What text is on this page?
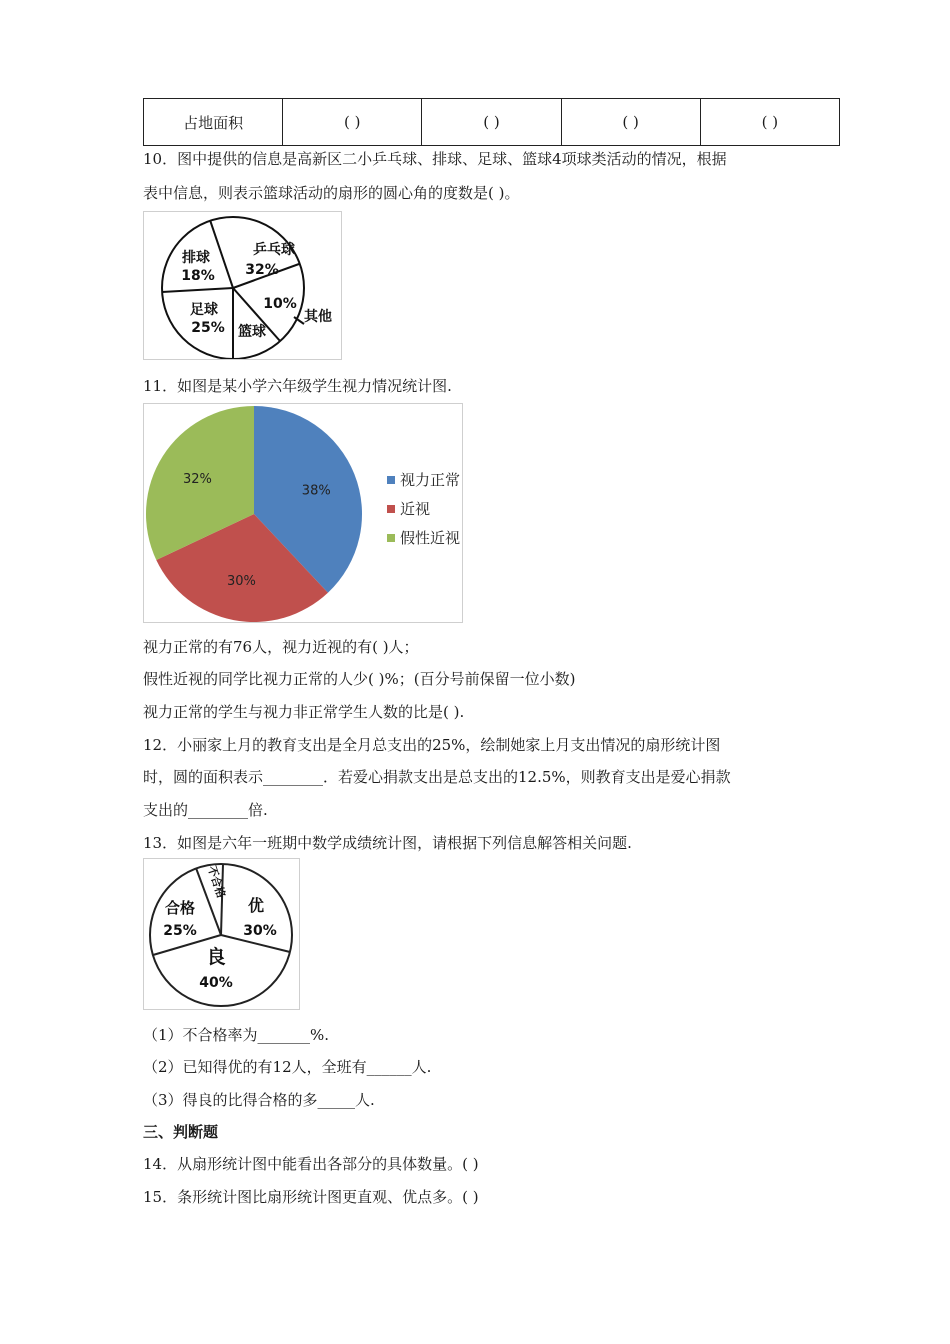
占地面积	( )	( )	( )	( )
10．图中提供的信息是高新区二小乒乓球、排球、足球、篮球4项球类活动的情况，根据
表中信息，则表示篮球活动的扇形的圆心角的度数是( )。
乒乓球
32%
排球
18%
足球
25% 篮球
10%
其他
11．如图是某小学六年级学生视力情况统计图.
38%
30%
32%	视力正常
近视
假性近视
视力正常的有76人，视力近视的有( )人；
假性近视的同学比视力正常的人少( )%；(百分号前保留一位小数)
视力正常的学生与视力非正常学生人数的比是( ).
12．小丽家上月的教育支出是全月总支出的25%，绘制她家上月支出情况的扇形统计图
时，圆的面积表示________．若爱心捐款支出是总支出的12.5%，则教育支出是爱心捐款
支出的________倍.
13．如图是六年一班期中数学成绩统计图，请根据下列信息解答相关问题.
不合格
合格
25%
优
30%
良
40%
（1）不合格率为_______%.
（2）已知得优的有12人，全班有______人.
（3）得良的比得合格的多_____人.
三、判断题
14．从扇形统计图中能看出各部分的具体数量。( )
15．条形统计图比扇形统计图更直观、优点多。( )
